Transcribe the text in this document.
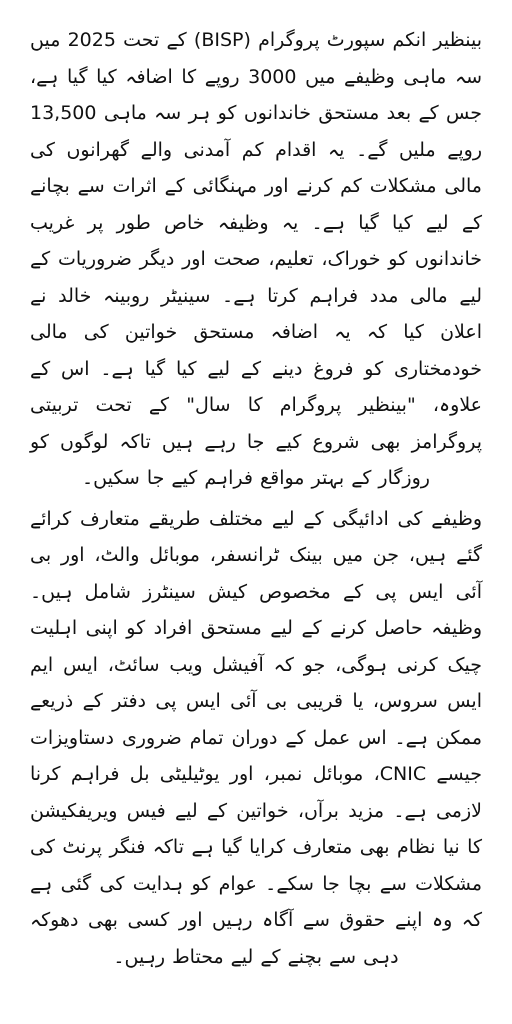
بینظیر انکم سپورٹ پروگرام (BISP) کے تحت 2025 میں سہ ماہی وظیفے میں 3000 روپے کا اضافہ کیا گیا ہے، جس کے بعد مستحق خاندانوں کو ہر سہ ماہی 13,500 روپے ملیں گے۔ یہ اقدام کم آمدنی والے گھرانوں کی مالی مشکلات کم کرنے اور مہنگائی کے اثرات سے بچانے کے لیے کیا گیا ہے۔ یہ وظیفہ خاص طور پر غریب خاندانوں کو خوراک، تعلیم، صحت اور دیگر ضروریات کے لیے مالی مدد فراہم کرتا ہے۔ سینیٹر روبینہ خالد نے اعلان کیا کہ یہ اضافہ مستحق خواتین کی مالی خودمختاری کو فروغ دینے کے لیے کیا گیا ہے۔ اس کے علاوہ، "بینظیر پروگرام کا سال" کے تحت تربیتی پروگرامز بھی شروع کیے جا رہے ہیں تاکہ لوگوں کو روزگار کے بہتر مواقع فراہم کیے جا سکیں۔

وظیفے کی ادائیگی کے لیے مختلف طریقے متعارف کرائے گئے ہیں، جن میں بینک ٹرانسفر، موبائل والٹ، اور بی آئی ایس پی کے مخصوص کیش سینٹرز شامل ہیں۔ وظیفہ حاصل کرنے کے لیے مستحق افراد کو اپنی اہلیت چیک کرنی ہوگی، جو کہ آفیشل ویب سائٹ، ایس ایم ایس سروس، یا قریبی بی آئی ایس پی دفتر کے ذریعے ممکن ہے۔ اس عمل کے دوران تمام ضروری دستاویزات جیسے CNIC، موبائل نمبر، اور یوٹیلیٹی بل فراہم کرنا لازمی ہے۔ مزید برآں، خواتین کے لیے فیس ویریفکیشن کا نیا نظام بھی متعارف کرایا گیا ہے تاکہ فنگر پرنٹ کی مشکلات سے بچا جا سکے۔ عوام کو ہدایت کی گئی ہے کہ وہ اپنے حقوق سے آگاہ رہیں اور کسی بھی دھوکہ دہی سے بچنے کے لیے محتاط رہیں۔
